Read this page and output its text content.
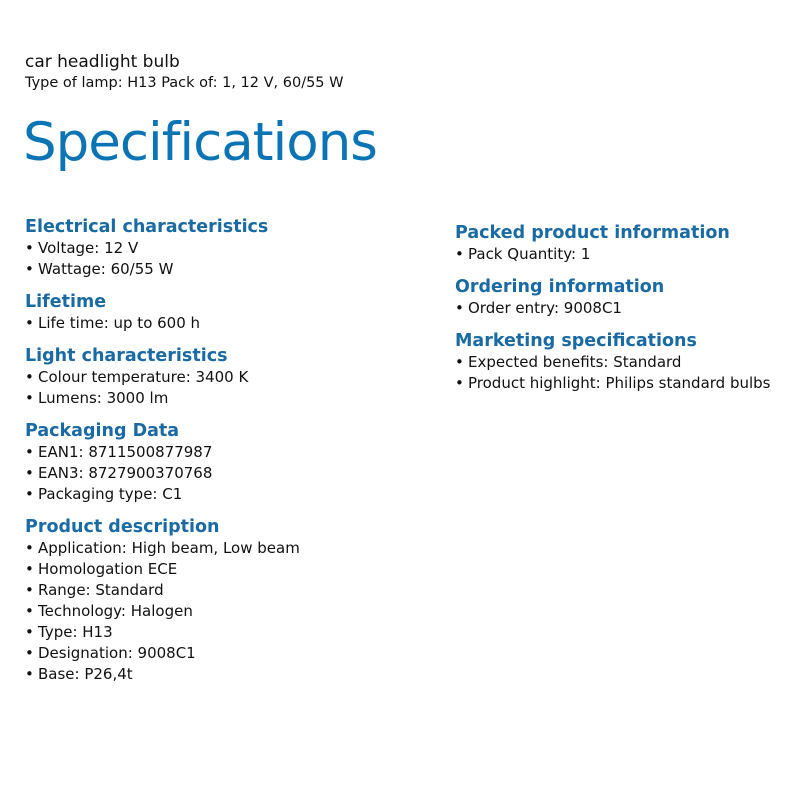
car headlight bulb

Type of lamp: H13 Pack of: 1, 12 V, 60/55 W

Specifications
Electrical characteristics
• Voltage: 12 V
• Wattage: 60/55 W
Lifetime
• Life time: up to 600 h
Light characteristics
• Colour temperature: 3400 K
• Lumens: 3000 lm
Packaging Data
• EAN1: 8711500877987
• EAN3: 8727900370768
• Packaging type: C1
Product description
• Application: High beam, Low beam
• Homologation ECE
• Range: Standard
• Technology: Halogen
• Type: H13
• Designation: 9008C1
• Base: P26,4t
Packed product information
• Pack Quantity: 1
Ordering information
• Order entry: 9008C1
Marketing specifications
• Expected benefits: Standard
• Product highlight: Philips standard bulbs
